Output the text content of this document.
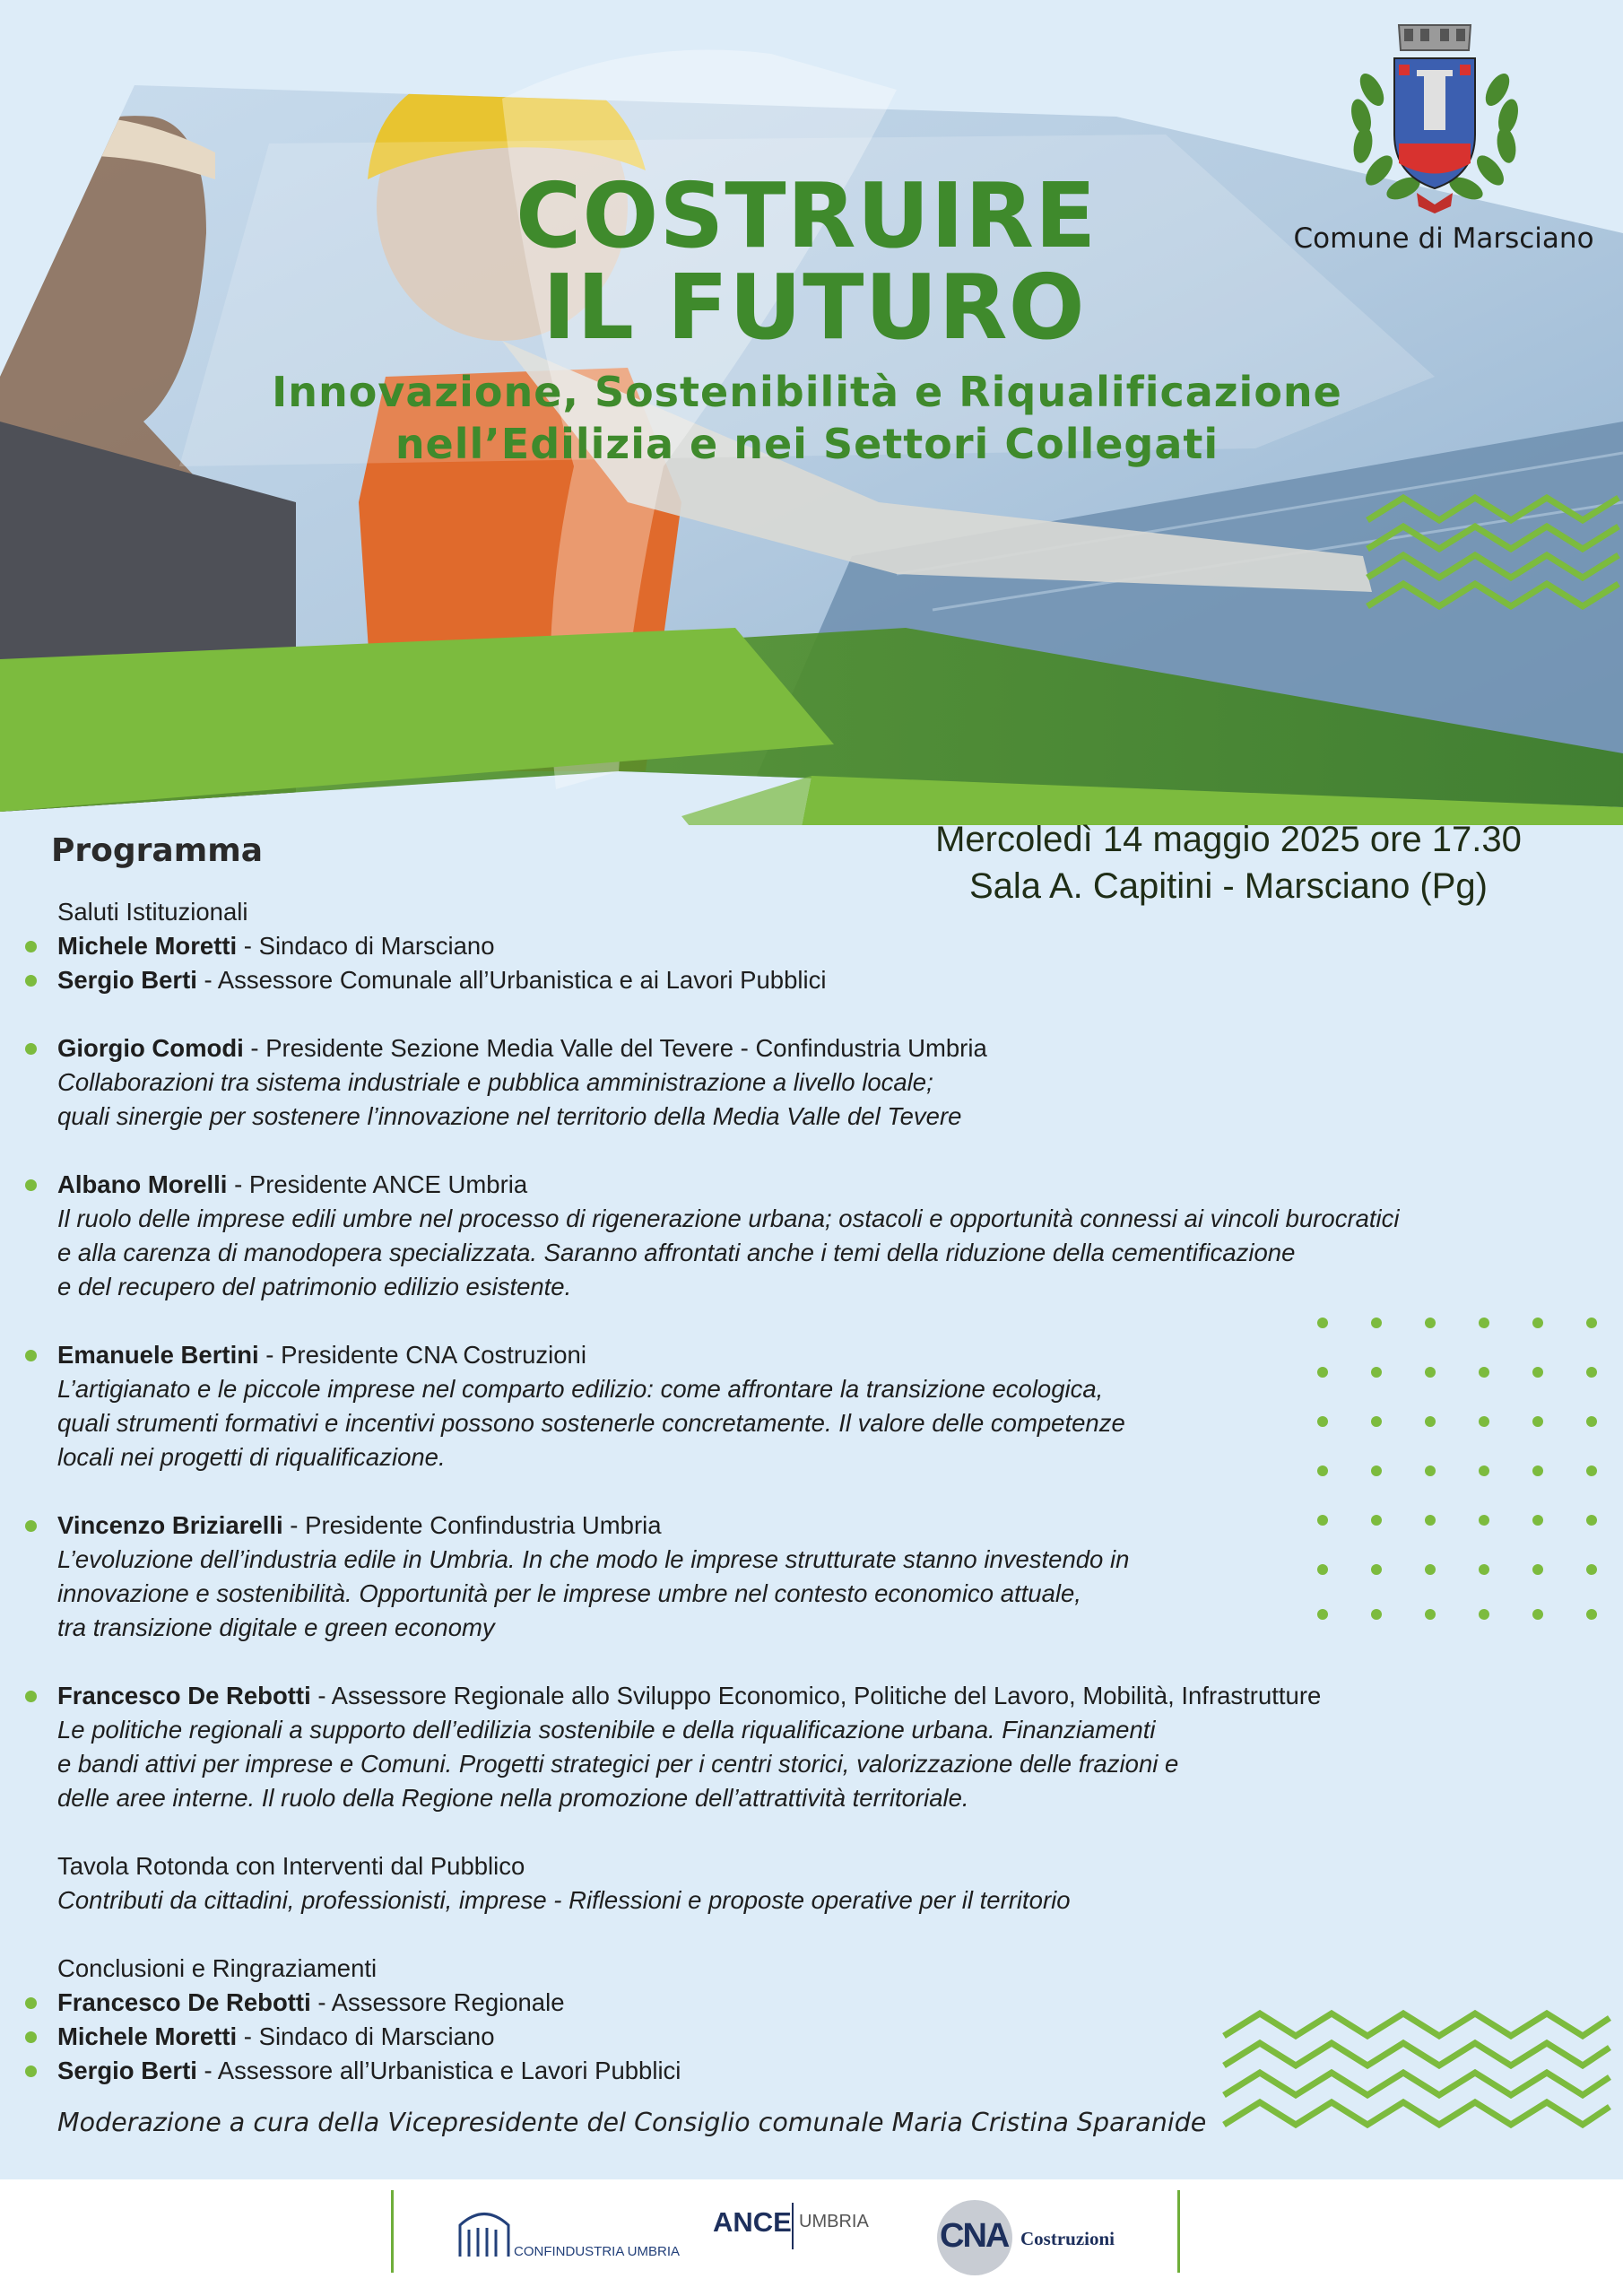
COSTRUIRE
IL FUTURO
Innovazione, Sostenibilità e Riqualificazione
nell’Edilizia e nei Settori Collegati
Comune di Marsciano
Mercoledì 14 maggio 2025 ore 17.30
Sala A. Capitini - Marsciano (Pg)
Programma
Saluti Istituzionali
Michele Moretti - Sindaco di Marsciano
Sergio Berti - Assessore Comunale all’Urbanistica e ai Lavori Pubblici
Giorgio Comodi - Presidente Sezione Media Valle del Tevere - Confindustria Umbria
Collaborazioni tra sistema industriale e pubblica amministrazione a livello locale;
quali sinergie per sostenere l’innovazione nel territorio della Media Valle del Tevere
Albano Morelli - Presidente ANCE Umbria
Il ruolo delle imprese edili umbre nel processo di rigenerazione urbana; ostacoli e opportunità connessi ai vincoli burocratici
e alla carenza di manodopera specializzata. Saranno affrontati anche i temi della riduzione della cementificazione
e del recupero del patrimonio edilizio esistente.
Emanuele Bertini - Presidente CNA Costruzioni
L’artigianato e le piccole imprese nel comparto edilizio: come affrontare la transizione ecologica,
quali strumenti formativi e incentivi possono sostenerle concretamente. Il valore delle competenze
locali nei progetti di riqualificazione.
Vincenzo Briziarelli - Presidente Confindustria Umbria
L’evoluzione dell’industria edile in Umbria. In che modo le imprese strutturate stanno investendo in
innovazione e sostenibilità. Opportunità per le imprese umbre nel contesto economico attuale,
tra transizione digitale e green economy
Francesco De Rebotti - Assessore Regionale allo Sviluppo Economico, Politiche del Lavoro, Mobilità, Infrastrutture
Le politiche regionali a supporto dell’edilizia sostenibile e della riqualificazione urbana. Finanziamenti
e bandi attivi per imprese e Comuni. Progetti strategici per i centri storici, valorizzazione delle frazioni e
delle aree interne. Il ruolo della Regione nella promozione dell’attrattività territoriale.
Tavola Rotonda con Interventi dal Pubblico
Contributi da cittadini, professionisti, imprese - Riflessioni e proposte operative per il territorio
Conclusioni e Ringraziamenti
Francesco De Rebotti - Assessore Regionale
Michele Moretti - Sindaco di Marsciano
Sergio Berti - Assessore all’Urbanistica e Lavori Pubblici
Moderazione a cura della Vicepresidente del Consiglio comunale Maria Cristina Sparanide
CONFINDUSTRIA UMBRIA
ANCE UMBRIA CNA Costruzioni
